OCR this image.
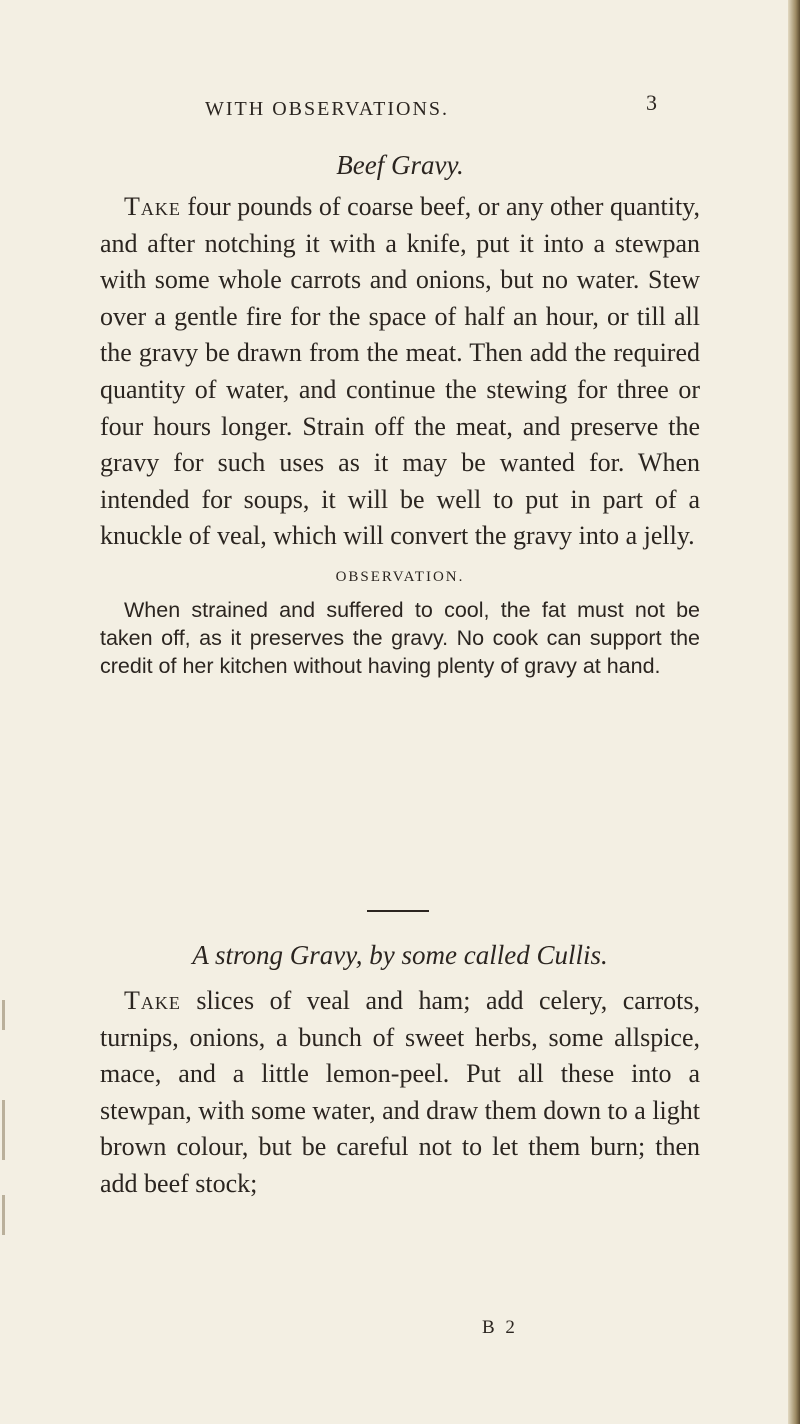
WITH OBSERVATIONS.	3

Beef Gravy.

Take four pounds of coarse beef, or any other quantity, and after notching it with a knife, put it into a stewpan with some whole carrots and onions, but no water. Stew over a gentle fire for the space of half an hour, or till all the gravy be drawn from the meat. Then add the required quantity of water, and continue the stewing for three or four hours longer. Strain off the meat, and preserve the gravy for such uses as it may be wanted for. When intended for soups, it will be well to put in part of a knuckle of veal, which will convert the gravy into a jelly.

OBSERVATION.

When strained and suffered to cool, the fat must not be taken off, as it preserves the gravy. No cook can support the credit of her kitchen without having plenty of gravy at hand.

A strong Gravy, by some called Cullis.

Take slices of veal and ham; add celery, carrots, turnips, onions, a bunch of sweet herbs, some allspice, mace, and a little lemon-peel. Put all these into a stewpan, with some water, and draw them down to a light brown colour, but be careful not to let them burn; then add beef stock;

B 2
